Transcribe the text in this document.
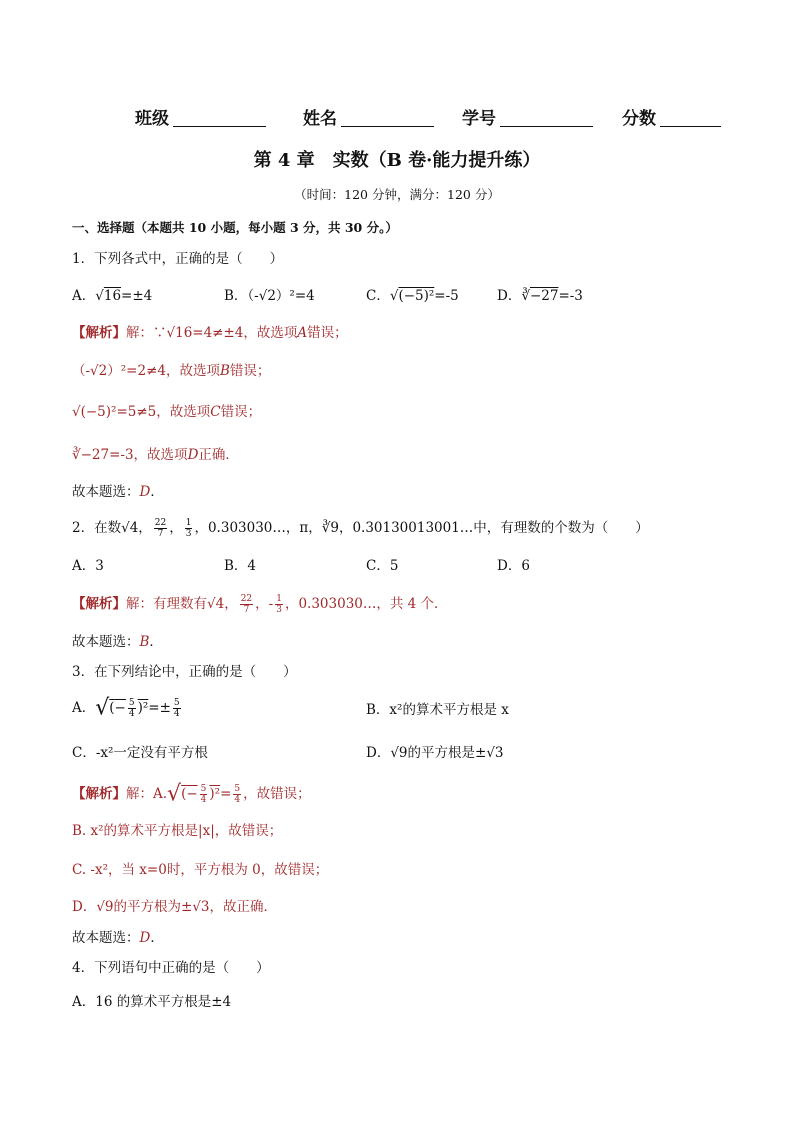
班级	姓名	学号	分数
第 4 章　实数（B 卷·能力提升练）
（时间：120 分钟，满分：120 分）
一、选择题（本题共 10 小题，每小题 3 分，共 30 分。）
1．下列各式中，正确的是（　　）
A．√16=±4	B．（-√2）²=4	C．√(−5)²=-5	D．∛−27=-3
【解析】解：∵√16=4≠±4，故选项A错误；
（-√2）²=2≠4，故选项B错误；
√(−5)²=5≠5，故选项C错误；
∛−27=-3，故选项D正确．
故本题选：D．
2．在数√4， $\frac{22}{7}$ ， $\frac{1}{3}$ ，0.303030…，π，∛9，0.30130013001…中，有理数的个数为（　　）
A．3	B．4	C．5	D．6
【解析】解：有理数有√4， $\frac{22}{7}$ ，- $\frac{1}{3}$ ，0.303030…，共 4 个．
故本题选：B．
3．在下列结论中，正确的是（　　）
A．√(− $\frac{5}{4} )^2=\pm \frac{5}{4}$	B．x²的算术平方根是 x
C．-x²一定没有平方根	D．√9的平方根是±√3
【解析】解：$A.√(- \frac{5}{4} )^2= \frac{5}{4}$ ，故错误；
B. x²的算术平方根是|x|，故错误；
C. -x²，当 x=0时，平方根为 0，故错误；
D．√9的平方根为±√3，故正确．
故本题选：D．
4．下列语句中正确的是（　　）
A．16 的算术平方根是±4
